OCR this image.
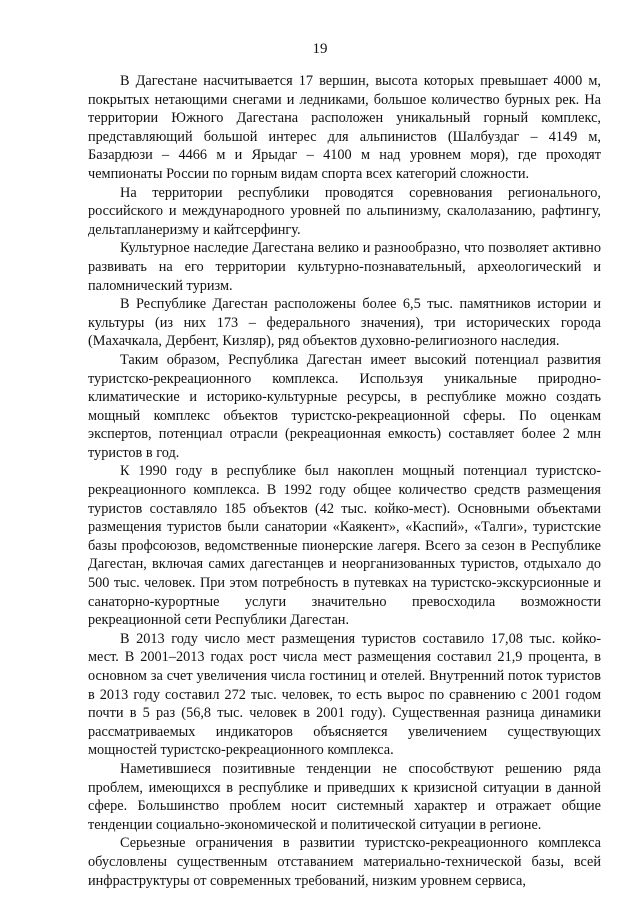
19

В Дагестане насчитывается 17 вершин, высота которых превышает 4000 м, покрытых нетающими снегами и ледниками, большое количество бурных рек. На территории Южного Дагестана расположен уникальный горный комплекс, представляющий большой интерес для альпинистов (Шалбуздаг – 4149 м, Базардюзи – 4466 м и Ярыдаг – 4100 м над уровнем моря), где проходят чемпионаты России по горным видам спорта всех категорий сложности.

На территории республики проводятся соревнования регионального, российского и международного уровней по альпинизму, скалолазанию, рафтингу, дельтапланеризму и кайтсерфингу.

Культурное наследие Дагестана велико и разнообразно, что позволяет активно развивать на его территории культурно-познавательный, археологический и паломнический туризм.

В Республике Дагестан расположены более 6,5 тыс. памятников истории и культуры (из них 173 – федерального значения), три исторических города (Махачкала, Дербент, Кизляр), ряд объектов духовно-религиозного наследия.

Таким образом, Республика Дагестан имеет высокий потенциал развития туристско-рекреационного комплекса. Используя уникальные природно-климатические и историко-культурные ресурсы, в республике можно создать мощный комплекс объектов туристско-рекреационной сферы. По оценкам экспертов, потенциал отрасли (рекреационная емкость) составляет более 2 млн туристов в год.

К 1990 году в республике был накоплен мощный потенциал туристско-рекреационного комплекса. В 1992 году общее количество средств размещения туристов составляло 185 объектов (42 тыс. койко-мест). Основными объектами размещения туристов были санатории «Каякент», «Каспий», «Талги», туристские базы профсоюзов, ведомственные пионерские лагеря. Всего за сезон в Республике Дагестан, включая самих дагестанцев и неорганизованных туристов, отдыхало до 500 тыс. человек. При этом потребность в путевках на туристско-экскурсионные и санаторно-курортные услуги значительно превосходила возможности рекреационной сети Республики Дагестан.

В 2013 году число мест размещения туристов составило 17,08 тыс. койко-мест. В 2001–2013 годах рост числа мест размещения составил 21,9 процента, в основном за счет увеличения числа гостиниц и отелей. Внутренний поток туристов в 2013 году составил 272 тыс. человек, то есть вырос по сравнению с 2001 годом почти в 5 раз (56,8 тыс. человек в 2001 году). Существенная разница динамики рассматриваемых индикаторов объясняется увеличением существующих мощностей туристско-рекреационного комплекса.

Наметившиеся позитивные тенденции не способствуют решению ряда проблем, имеющихся в республике и приведших к кризисной ситуации в данной сфере. Большинство проблем носит системный характер и отражает общие тенденции социально-экономической и политической ситуации в регионе.

Серьезные ограничения в развитии туристско-рекреационного комплекса обусловлены существенным отставанием материально-технической базы, всей инфраструктуры от современных требований, низким уровнем сервиса,
